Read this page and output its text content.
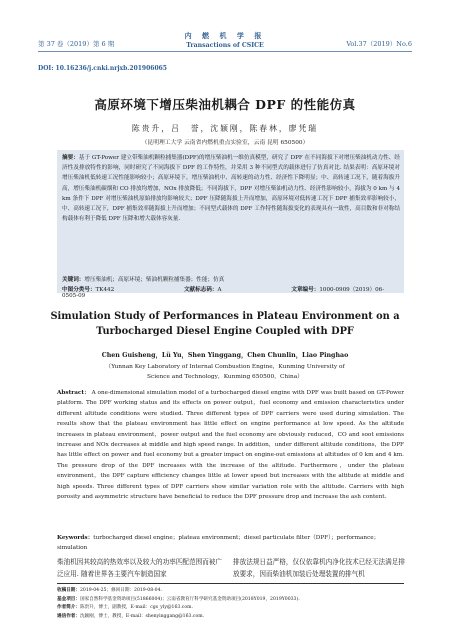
第 37 卷（2019）第 6 期
内 燃 机 学 报
Transactions of CSICE	Vol.37（2019）No.6
DOI: 10.16236/j.cnki.nrjxb.201906065
高原环境下增压柴油机耦合 DPF 的性能仿真
陈贵升，吕　誉，沈颖刚，陈春林，廖凭瑞
（昆明理工大学 云南省内燃机重点实验室，云南 昆明 650500）
摘要：基于 GT-Power 建立带柴油机颗粒捕集器(DPF)的增压柴油机一维仿真模型，研究了 DPF 在不同海拔下对增压柴油机动力性、经济性及排放特性的影响，同时研究了不同海拔下 DPF 的工作特性，并采用 3 种不同型式的载体进行了仿真对比. 结果表明：高原环境对增压柴油机低转速工况性能影响较小；高原环境下，增压柴油机中、高转速的动力性、经济性下降明显；中、高转速工况下，随着海拔升高，增压柴油机碳烟和 CO 排放均增加，NOx 排放降低；不同海拔下，DPF 对增压柴油机动力性、经济性影响较小，海拔为 0 km 与 4 km 条件下 DPF 对增压柴油机原始排放均影响较大；DPF 压降随海拔上升而增加，高原环境对低转速工况下 DPF 捕集效率影响较小，中、高转速工况下，DPF 捕集效率随海拔上升而增加；不同型式载体的 DPF 工作特性随海拔变化的表现具有一致性，高目数和非对称结构载体有利于降低 DPF 压降和增大载体容灰量.
关键词：增压柴油机；高原环境；柴油机颗粒捕集器；性能；仿真
中图分类号：TK442	文献标志码：A	文章编号：1000-0909（2019）06-0505-09
Simulation Study of Performances in Plateau Environment on a
Turbocharged Diesel Engine Coupled with DPF
Chen Guisheng，Lü Yu，Shen Yinggang，Chen Chunlin，Liao Pinghao
（Yunnan Key Laboratory of Internal Combustion Engine，Kunming University of
Science and Technology，Kunming 650500，China）
Abstract： A one-dimensional simulation model of a turbocharged diesel engine with DPF was built based on GT-Power platform. The DPF working status and its effects on power output，fuel economy and emission characteristics under different altitude conditions were studied. Three different types of DPF carriers were used during simulation. The results show that the plateau environment has little effect on engine performance at low speed. As the altitude increases in plateau environment，power output and the fuel economy are obviously reduced，CO and soot emissions increase and NOx decreases at middle and high speed range. In addition，under different altitude conditions，the DPF has little effect on power and fuel economy but a greater impact on engine-out emissions at altitudes of 0 km and 4 km. The pressure drop of the DPF increases with the increase of the altitude. Furthermore，under the plateau environment，the DPF capture efficiency changes little at lower speed but increases with the altitude at middle and high speeds. Three different types of DPF carriers show similar variation role with the altitude. Carriers with high porosity and asymmetric structure have beneficial to reduce the DPF pressure drop and increase the ash content.
Keywords：turbocharged diesel engine；plateau environment；diesel particulate filter（DPF）；performance；simulation
柴油机因其较高的热效率以及较大的功率匹配范围而被广泛应用. 随着世界各主要汽车制造国家
排放法规日益严格，仅仅依靠机内净化技术已经无法满足排放要求，因而柴油机加装后处理装置的排气机
收稿日期：2019-04-25；修回日期：2019-08-04.
基金项目：国家自然科学基金资助项目(51866004)；云南省教育厅科学研究基金资助项目(2018Y019，2019Y0033).
作者简介：陈贵升，博士，副教授，E-mail：cgs_yly@163.com.
通信作者：沈颖刚，博士，教授，E-mail：shenyinggang@163.com.
